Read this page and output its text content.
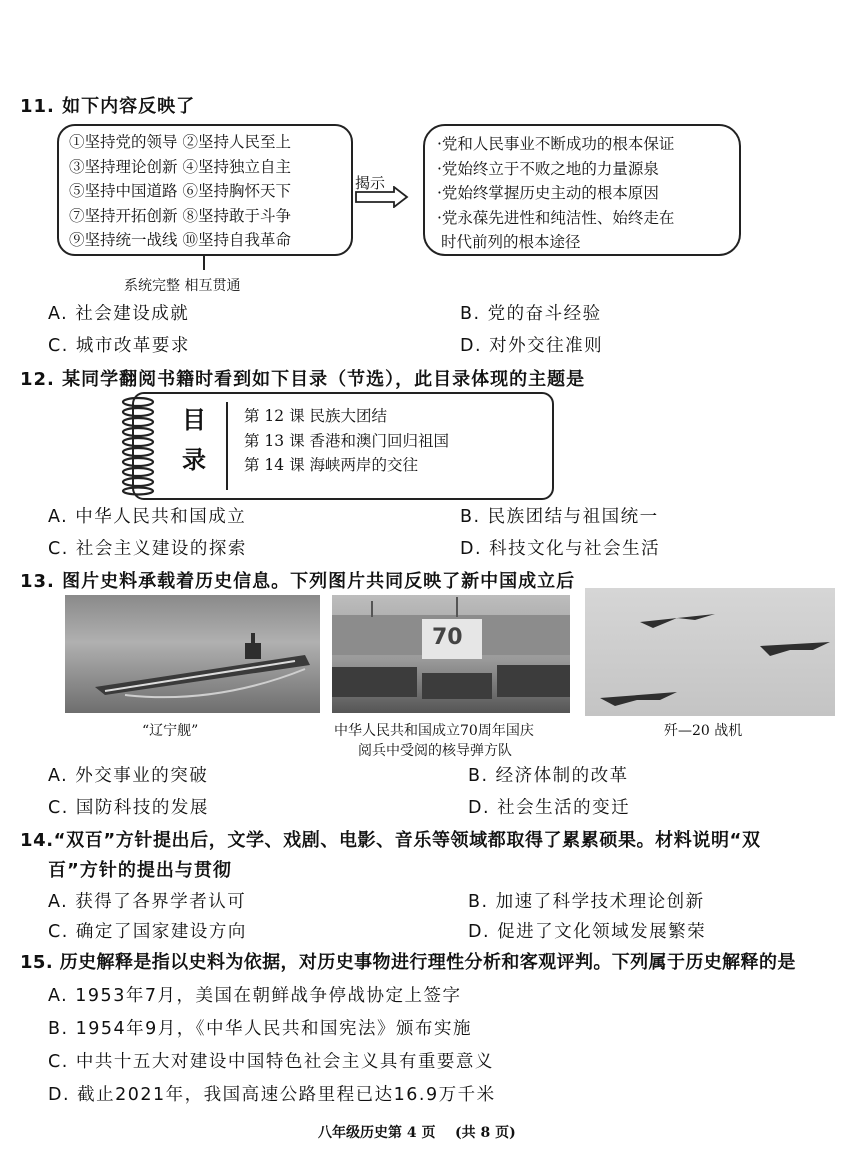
11. 如下内容反映了
①坚持党的领导 ②坚持人民至上
③坚持理论创新 ④坚持独立自主
⑤坚持中国道路 ⑥坚持胸怀天下
⑦坚持开拓创新 ⑧坚持敢于斗争
⑨坚持统一战线 ⑩坚持自我革命
揭示
·党和人民事业不断成功的根本保证
·党始终立于不败之地的力量源泉
·党始终掌握历史主动的根本原因
·党永葆先进性和纯洁性、始终走在
时代前列的根本途径
系统完整 相互贯通
A. 社会建设成就	B. 党的奋斗经验
C. 城市改革要求	D. 对外交往准则
12. 某同学翻阅书籍时看到如下目录（节选），此目录体现的主题是
目
录
第 12 课 民族大团结
第 13 课 香港和澳门回归祖国
第 14 课 海峡两岸的交往
A. 中华人民共和国成立	B. 民族团结与祖国统一
C. 社会主义建设的探索	D. 科技文化与社会生活
13. 图片史料承载着历史信息。下列图片共同反映了新中国成立后
70
“辽宁舰”	中华人民共和国成立70周年国庆
阅兵中受阅的核导弹方队
歼—20 战机
A. 外交事业的突破	B. 经济体制的改革
C. 国防科技的发展	D. 社会生活的变迁
14.“双百”方针提出后，文学、戏剧、电影、音乐等领域都取得了累累硕果。材料说明“双
百”方针的提出与贯彻
A. 获得了各界学者认可	B. 加速了科学技术理论创新
C. 确定了国家建设方向	D. 促进了文化领域发展繁荣
15. 历史解释是指以史料为依据，对历史事物进行理性分析和客观评判。下列属于历史解释的是
A. 1953年7月，美国在朝鲜战争停战协定上签字
B. 1954年9月，《中华人民共和国宪法》颁布实施
C. 中共十五大对建设中国特色社会主义具有重要意义
D. 截止2021年，我国高速公路里程已达16.9万千米
八年级历史第 4 页    (共 8 页)
